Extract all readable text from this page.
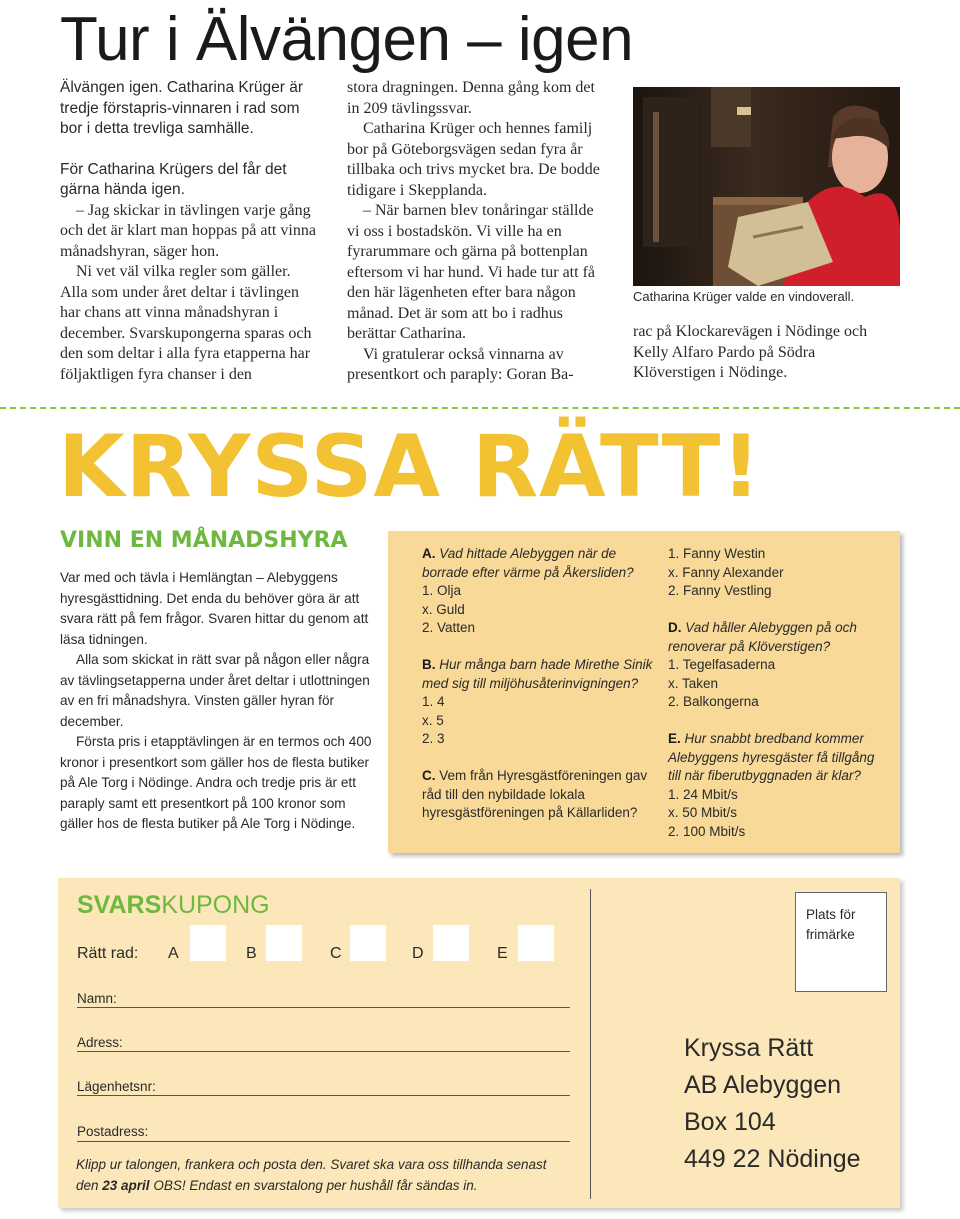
Tur i Älvängen – igen

Älvängen igen. Catharina Krüger är tredje förstapris-vinnaren i rad som bor i detta trevliga samhälle.

För Catharina Krügers del får det gärna hända igen.

– Jag skickar in tävlingen varje gång och det är klart man hoppas på att vinna månadshyran, säger hon.

Ni vet väl vilka regler som gäller. Alla som under året deltar i tävlingen har chans att vinna månadshyran i december. Svarskupongerna sparas och den som deltar i alla fyra etapperna har följaktligen fyra chanser i den

stora dragningen. Denna gång kom det in 209 tävlingssvar.

Catharina Krüger och hennes familj bor på Göteborgsvägen sedan fyra år tillbaka och trivs mycket bra. De bodde tidigare i Skepplanda.

– När barnen blev tonåringar ställde vi oss i bostadskön. Vi ville ha en fyrarummare och gärna på bottenplan eftersom vi har hund. Vi hade tur att få den här lägenheten efter bara någon månad. Det är som att bo i radhus berättar Catharina.

Vi gratulerar också vinnarna av presentkort och paraply: Goran Ba-

Catharina Krüger valde en vindoverall.

rac på Klockarevägen i Nödinge och Kelly Alfaro Pardo på Södra Klöverstigen i Nödinge.

KRYSSA RÄTT!
VINN EN MÅNADSHYRA

Var med och tävla i Hemlängtan – Alebyggens hyresgästtidning. Det enda du behöver göra är att svara rätt på fem frågor. Svaren hittar du genom att läsa tidningen.

Alla som skickat in rätt svar på någon eller några av tävlingsetapperna under året deltar i utlottningen av en fri månadshyra. Vinsten gäller hyran för december.

Första pris i etapptävlingen är en termos och 400 kronor i presentkort som gäller hos de flesta butiker på Ale Torg i Nödinge. Andra och tredje pris är ett paraply samt ett presentkort på 100 kronor som gäller hos de flesta butiker på Ale Torg i Nödinge.

A. Vad hittade Alebyggen när de borrade efter värme på Åkersliden?

1. Olja

x. Guld

2. Vatten

B. Hur många barn hade Mirethe Sinik med sig till miljöhusåterinvigningen?

1. 4

x. 5

2. 3

C. Vem från Hyresgästföreningen gav råd till den nybildade lokala hyresgästföreningen på Källarliden?

1. Fanny Westin

x. Fanny Alexander

2. Fanny Vestling

D. Vad håller Alebyggen på och renoverar på Klöverstigen?

1. Tegelfasaderna

x. Taken

2. Balkongerna

E. Hur snabbt bredband kommer Alebyggens hyresgäster få tillgång till när fiberutbyggnaden är klar?

1. 24 Mbit/s

x. 50 Mbit/s

2. 100 Mbit/s

SVARSKUPONG
Rätt rad: A	B	C	D	E
Namn:
Adress:
Lägenhetsnr:
Postadress:
Plats för frimärke
Kryssa Rätt
AB Alebyggen
Box 104
449 22 Nödinge
Klipp ur talongen, frankera och posta den. Svaret ska vara oss tillhanda senast
den 23 april OBS! Endast en svarstalong per hushåll får sändas in.
